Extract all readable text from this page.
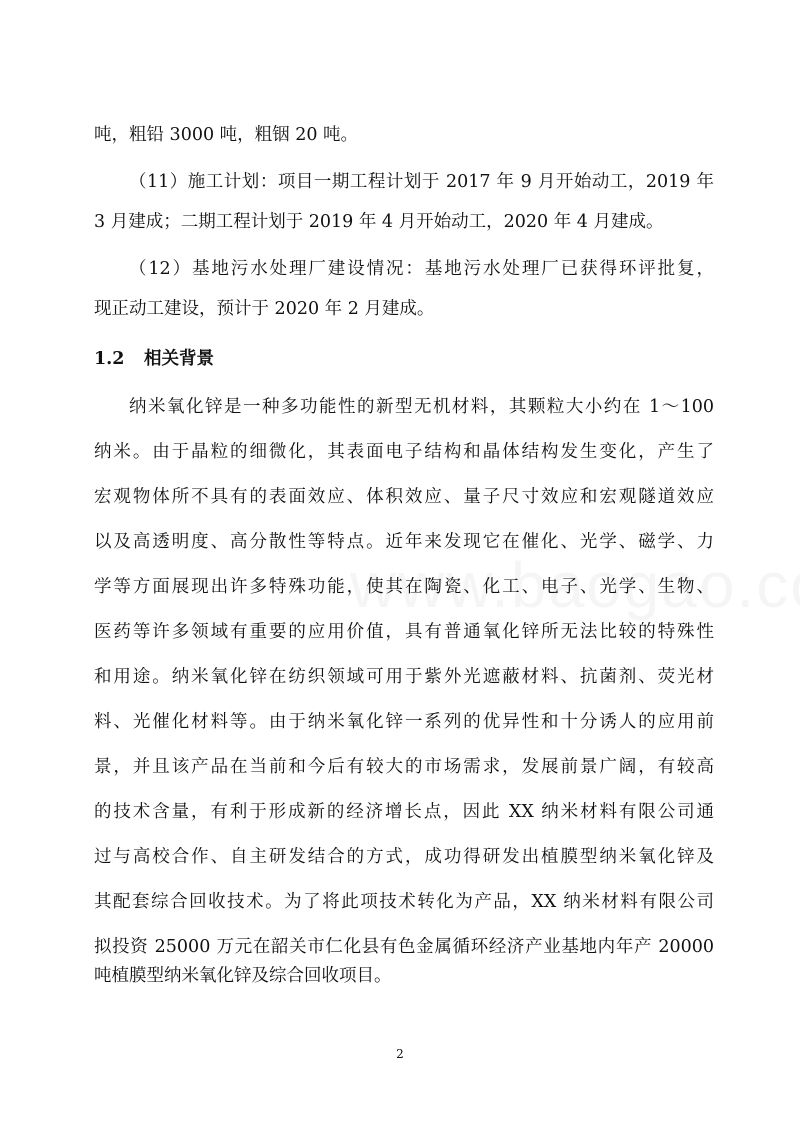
吨，粗铅 3000 吨，粗铟 20 吨。
（11）施工计划：项目一期工程计划于 2017 年 9 月开始动工，2019 年
3 月建成；二期工程计划于 2019 年 4 月开始动工，2020 年 4 月建成。
（12）基地污水处理厂建设情况：基地污水处理厂已获得环评批复，
现正动工建设，预计于 2020 年 2 月建成。
1.2 相关背景
纳米氧化锌是一种多功能性的新型无机材料，其颗粒大小约在 1～100
纳米。由于晶粒的细微化，其表面电子结构和晶体结构发生变化，产生了
宏观物体所不具有的表面效应、体积效应、量子尺寸效应和宏观隧道效应
以及高透明度、高分散性等特点。近年来发现它在催化、光学、磁学、力
学等方面展现出许多特殊功能，使其在陶瓷、化工、电子、光学、生物、
医药等许多领域有重要的应用价值，具有普通氧化锌所无法比较的特殊性
和用途。纳米氧化锌在纺织领域可用于紫外光遮蔽材料、抗菌剂、荧光材
料、光催化材料等。由于纳米氧化锌一系列的优异性和十分诱人的应用前
景，并且该产品在当前和今后有较大的市场需求，发展前景广阔，有较高
的技术含量，有利于形成新的经济增长点，因此 XX 纳米材料有限公司通
过与高校合作、自主研发结合的方式，成功得研发出植膜型纳米氧化锌及
其配套综合回收技术。为了将此项技术转化为产品，XX 纳米材料有限公司
拟投资 25000 万元在韶关市仁化县有色金属循环经济产业基地内年产 20000
吨植膜型纳米氧化锌及综合回收项目。
2
